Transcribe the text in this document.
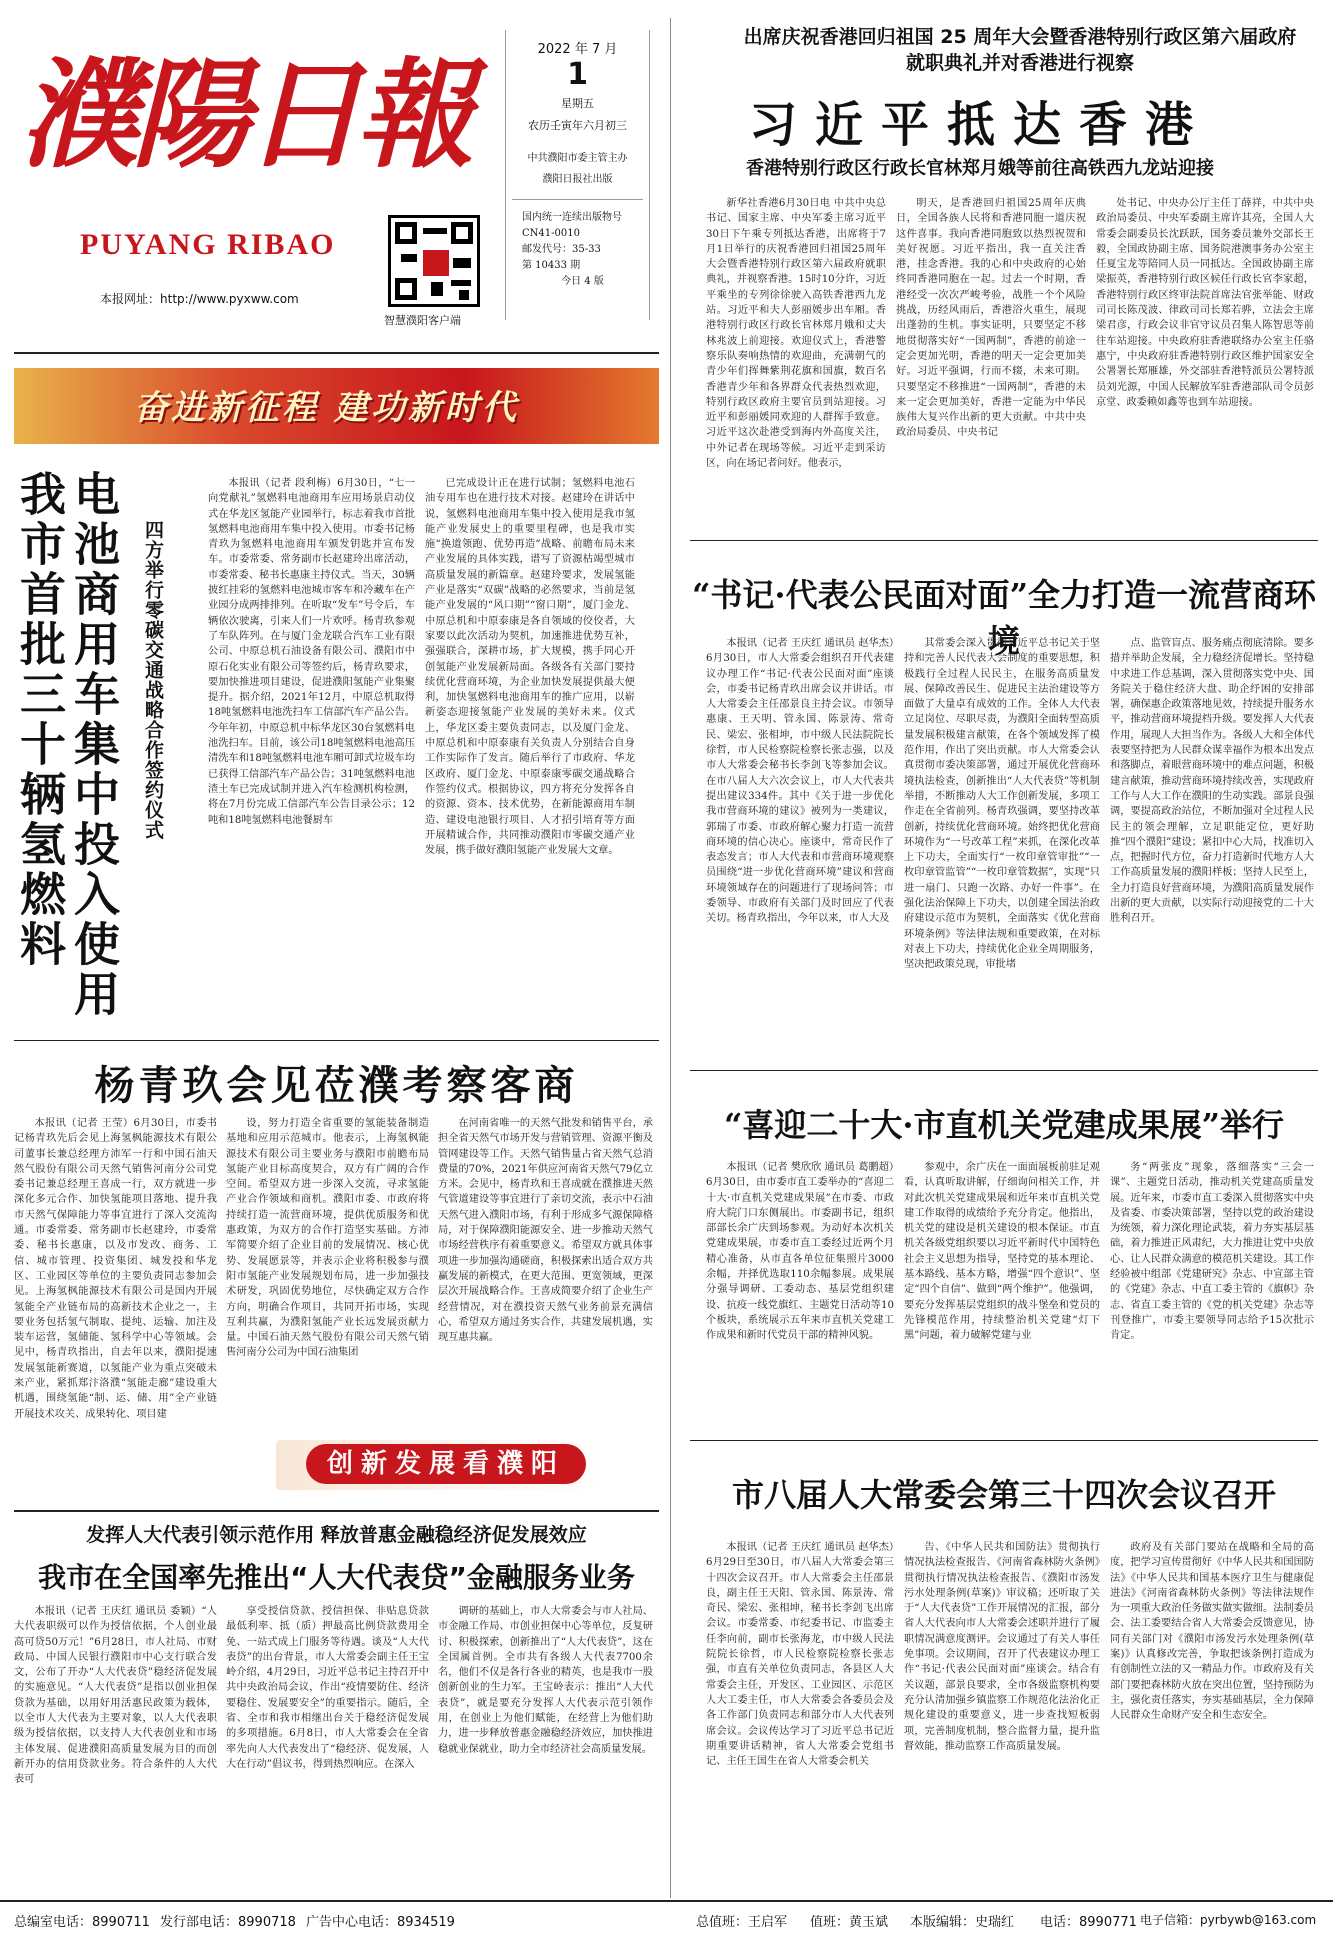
濮陽日報
PUYANG RIBAO
本报网址：http://www.pyxww.com
智慧濮阳客户端
2022 年 7 月
1
星期五
农历壬寅年六月初三
中共濮阳市委主管主办
濮阳日报社出版
国内统一连续出版物号
CN41-0010
邮发代号：35-33
第 10433 期
今日 4 版
出席庆祝香港回归祖国 25 周年大会暨香港特别行政区第六届政府就职典礼并对香港进行视察
习近平抵达香港
香港特别行政区行政长官林郑月娥等前往高铁西九龙站迎接
新华社香港6月30日电 中共中央总书记、国家主席、中央军委主席习近平30日下午乘专列抵达香港，出席将于7月1日举行的庆祝香港回归祖国25周年大会暨香港特别行政区第六届政府就职典礼，并视察香港。15时10分许，习近平乘坐的专列徐徐驶入高铁香港西九龙站。习近平和夫人彭丽媛步出车厢。香港特别行政区行政长官林郑月娥和丈夫林兆波上前迎接。欢迎仪式上，香港警察乐队奏响热情的欢迎曲，充满朝气的青少年们挥舞紫荆花旗和国旗，数百名香港青少年和各界群众代表热烈欢迎，特别行政区政府主要官员到站迎接。习近平和彭丽媛同欢迎的人群挥手致意。习近平这次赴港受到海内外高度关注，中外记者在现场等候。习近平走到采访区，向在场记者问好。他表示，
明天，是香港回归祖国25周年庆典日，全国各族人民将和香港同胞一道庆祝这件喜事。我向香港同胞致以热烈祝贺和美好祝愿。习近平指出，我一直关注香港，挂念香港。我的心和中央政府的心始终同香港同胞在一起。过去一个时期，香港经受一次次严峻考验，战胜一个个风险挑战，历经风雨后，香港浴火重生，展现出蓬勃的生机。事实证明，只要坚定不移地贯彻落实好“一国两制”，香港的前途一定会更加光明，香港的明天一定会更加美好。习近平强调，行而不辍，未来可期。只要坚定不移推进“一国两制”，香港的未来一定会更加美好，香港一定能为中华民族伟大复兴作出新的更大贡献。中共中央政治局委员、中央书记
处书记、中央办公厅主任丁薛祥，中共中央政治局委员、中央军委副主席许其亮，全国人大常委会副委员长沈跃跃，国务委员兼外交部长王毅，全国政协副主席、国务院港澳事务办公室主任夏宝龙等陪同人员一同抵达。全国政协副主席梁振英，香港特别行政区候任行政长官李家超，香港特别行政区终审法院首席法官张举能、财政司司长陈茂波、律政司司长郑若骅，立法会主席梁君彦，行政会议非官守议员召集人陈智思等前往车站迎接。中央政府驻香港联络办公室主任骆惠宁，中央政府驻香港特别行政区维护国家安全公署署长郑雁雄，外交部驻香港特派员公署特派员刘光源，中国人民解放军驻香港部队司令员彭京堂、政委赖如鑫等也到车站迎接。
奋进新征程 建功新时代
电池商用车集中投入使用
我市首批三十辆氢燃料	四方举行零碳交通战略合作签约仪式
本报讯（记者 段利梅）6月30日，“七一向党献礼”氢燃料电池商用车应用场景启动仪式在华龙区氢能产业园举行，标志着我市首批氢燃料电池商用车集中投入使用。市委书记杨青玖为氢燃料电池商用车颁发钥匙并宣布发车。市委常委、常务副市长赵建玲出席活动，市委常委、秘书长惠康主持仪式。当天，30辆披红挂彩的氢燃料电池城市客车和冷藏车在产业园分成两排排列。在听取“发车”号令后，车辆依次驶离，引来人们一片欢呼。杨青玖参观了车队阵列。在与厦门金龙联合汽车工业有限公司、中原总机石油设备有限公司、濮阳市中原石化实业有限公司等签约后，杨青玖要求，要加快推进项目建设，促进濮阳氢能产业集聚提升。据介绍，2021年12月，中原总机取得18吨氢燃料电池洗扫车工信部汽车产品公告。今年年初，中原总机中标华龙区30台氢燃料电池洗扫车。目前，该公司18吨氢燃料电池高压清洗车和18吨氢燃料电池车厢可卸式垃圾车均已获得工信部汽车产品公告；31吨氢燃料电池渣土车已完成试制并进入汽车检测机构检测，将在7月份完成工信部汽车公告目录公示；12吨和18吨氢燃料电池餐厨车
已完成设计正在进行试制；氢燃料电池石油专用车也在进行技术对接。赵建玲在讲话中说，氢燃料电池商用车集中投入使用是我市氢能产业发展史上的重要里程碑，也是我市实施“换道领跑、优势再造”战略、前瞻布局未来产业发展的具体实践，谱写了资源枯竭型城市高质量发展的新篇章。赵建玲要求，发展氢能产业是落实“双碳”战略的必然要求，当前是氢能产业发展的“风口期”“窗口期”，厦门金龙、中原总机和中原泰康是各自领域的佼佼者，大家要以此次活动为契机，加速推进优势互补，强强联合，深耕市场，扩大规模，携手同心开创氢能产业发展新局面。各级各有关部门要持续优化营商环境，为企业加快发展提供最大便利，加快氢燃料电池商用车的推广应用，以崭新姿态迎接氢能产业发展的美好未来。仪式上，华龙区委主要负责同志，以及厦门金龙、中原总机和中原泰康有关负责人分别结合自身工作实际作了发言。随后举行了市政府、华龙区政府、厦门金龙、中原泰康零碳交通战略合作签约仪式。根据协议，四方将充分发挥各自的资源、资本、技术优势，在新能源商用车制造、建设电池银行项目、人才招引培育等方面开展精诚合作，共同推动濮阳市零碳交通产业发展，携手做好濮阳氢能产业发展大文章。
杨青玖会见莅濮考察客商
本报讯（记者 王莹）6月30日，市委书记杨青玖先后会见上海氢枫能源技术有限公司董事长兼总经理方沛军一行和中国石油天然气股份有限公司天然气销售河南分公司党委书记兼总经理王喜成一行，双方就进一步深化多元合作、加快氢能项目落地、提升我市天然气保障能力等事宜进行了深入交流沟通。市委常委、常务副市长赵建玲，市委常委、秘书长惠康，以及市发改、商务、工信、城市管理、投资集团、城发投和华龙区、工业园区等单位的主要负责同志参加会见。上海氢枫能源技术有限公司是国内开展氢能全产业链布局的高新技术企业之一，主要业务包括氢气制取、提纯、运输、加注及装车运营，氢储能、氢科学中心等领域。会见中，杨青玖指出，自去年以来，濮阳提速发展氢能新赛道，以氢能产业为重点突破未来产业，紧抓郑汴洛濮“氢能走廊”建设重大机遇，围绕氢能“制、运、储、用”全产业链开展技术攻关、成果转化、项目建
设，努力打造全省重要的氢能装备制造基地和应用示范城市。他表示，上海氢枫能源技术有限公司主要业务与濮阳市前瞻布局氢能产业目标高度契合，双方有广阔的合作空间。希望双方进一步深入交流，寻求氢能产业合作领域和商机。濮阳市委、市政府将持续打造一流营商环境，提供优质服务和优惠政策，为双方的合作打造坚实基础。方沛军简要介绍了企业目前的发展情况、核心优势、发展愿景等，并表示企业将积极参与濮阳市氢能产业发展规划布局，进一步加强技术研发，巩固优势地位，尽快确定双方合作方向，明确合作项目，共同开拓市场，实现互利共赢，为濮阳氢能产业长远发展贡献力量。中国石油天然气股份有限公司天然气销售河南分公司为中国石油集团
在河南省唯一的天然气批发和销售平台，承担全省天然气市场开发与营销管理、资源平衡及管网建设等工作。天然气销售量占省天然气总消费量的70%，2021年供应河南省天然气79亿立方米。会见中，杨青玖和王喜成就在濮推进天然气管道建设等事宜进行了亲切交流，表示中石油天然气进入濮阳市场，有利于形成多气源保障格局，对于保障濮阳能源安全、进一步推动天然气市场经营秩序有着重要意义。希望双方就具体事项进一步加强沟通磋商，积极探索出适合双方共赢发展的新模式，在更大范围、更宽领域，更深层次开展战略合作。王喜成简要介绍了企业生产经营情况，对在濮投资天然气业务前景充满信心，希望双方通过务实合作，共建发展机遇，实现互惠共赢。
创新发展看濮阳
发挥人大代表引领示范作用 释放普惠金融稳经济促发展效应
我市在全国率先推出“人大代表贷”金融服务业务
本报讯（记者 王庆红 通讯员 委颖）“人大代表职级可以作为授信依据，个人创业最高可贷50万元！”6月28日，市人社局、市财政局、中国人民银行濮阳市中心支行联合发文，公布了开办“人大代表贷”稳经济促发展的实施意见。“人大代表贷”是指以创业担保贷款为基础，以用好用活惠民政策为载体，以全市人大代表为主要对象，以人大代表职级为授信依据，以支持人大代表创业和市场主体发展、促进濮阳高质量发展为目的而创新开办的信用贷款业务。符合条件的人大代表可
享受授信贷款、授信担保、非贴息贷款最低利率、抵（质）押最高比例贷款费用全免、一站式成上门服务等待遇。谈及“人大代表贷”的出台背景，市人大常委会副主任王宝岭介绍，4月29日，习近平总书记主持召开中共中央政治局会议，作出“疫情要防住、经济要稳住、发展要安全”的重要指示。随后，全省、全市和我市相继出台关于稳经济促发展的多项措施。6月8日，市人大常委会在全省率先向人大代表发出了“稳经济、促发展，人大在行动”倡议书，得到热烈响应。在深入
调研的基础上，市人大常委会与市人社局、市金融工作局、市创业担保中心等单位，反复研讨、积极探索，创新推出了“人大代表贷”，这在全国属首例。全市共有各级人大代表7700余名，他们不仅是各行各业的精英，也是我市一股创新创业的生力军。王宝岭表示：推出“人大代表贷”，就是要充分发挥人大代表示范引领作用，在创业上为他们赋能，在经营上为他们助力，进一步释放普惠金融稳经济效应，加快推进稳就业保就业，助力全市经济社会高质量发展。
“书记·代表公民面对面”全力打造一流营商环境
本报讯（记者 王庆红 通讯员 赵华杰）6月30日，市人大常委会组织召开代表建议办理工作“书记·代表公民面对面”座谈会，市委书记杨青玖出席会议并讲话。市人大常委会主任邵景良主持会议。市领导惠康、王天明、管永国、陈景涛、常奇民、梁宏、张相坤，市中级人民法院院长徐哲，市人民检察院检察长张志强，以及市人大常委会秘书长李剑飞等参加会议。在市八届人大六次会议上，市人大代表共提出建议334件。其中《关于进一步优化我市营商环境的建议》被列为一类建议，郭瑞了市委、市政府解心聚力打造一流营商环境的信心决心。座谈中，常奇民作了表态发言；市人大代表和市营商环境观察员围绕“进一步优化营商环境”建议和营商环境领域存在的问题进行了现场问答；市委领导、市政府有关部门及时回应了代表关切。杨青玖指出，今年以来，市人大及
其常委会深入贯彻习近平总书记关于坚持和完善人民代表大会制度的重要思想，积极践行全过程人民民主，在服务高质量发展、保障改善民生、促进民主法治建设等方面做了大量卓有成效的工作。全体人大代表立足岗位、尽职尽责，为濮阳全面转型高质量发展积极建言献策，在各个领域发挥了模范作用，作出了突出贡献。市人大常委会认真贯彻市委决策部署，通过开展优化营商环境执法检查，创新推出“人大代表贷”等机制举措，不断推动人大工作创新发展，多项工作走在全省前列。杨青玖强调，要坚持改革创新，持续优化营商环境。始终把优化营商环境作为“一号改革工程”来抓，在深化改革上下功夫，全面实行“一枚印章管审批”“一枚印章管监管”“一枚印章管数据”，实现“只进一扇门、只跑一次路、办好一件事”。在强化法治保障上下功夫，以创建全国法治政府建设示范市为契机，全面落实《优化营商环境条例》等法律法规和重要政策，在对标对表上下功夫，持续优化企业全周期服务，坚决把政策兑现，审批堵
点、监管盲点、服务痛点彻底清除。要多措并举助企发展，全力稳经济促增长。坚持稳中求进工作总基调，深入贯彻落实党中央、国务院关于稳住经济大盘、助企纾困的安排部署，确保惠企政策落地见效，持续提升服务水平，推动营商环境提档升级。要发挥人大代表作用，展现人大担当作为。各级人大和全体代表要坚持把为人民群众谋幸福作为根本出发点和落脚点，着眼营商环境中的难点问题，积极建言献策，推动营商环境持续改善，实现政府工作与人大工作在濮阳的生动实践。部景良强调，要提高政治站位，不断加强对全过程人民民主的领会理解，立足职能定位，更好助推“四个濮阳”建设；紧扣中心大局，找准切入点，把握时代方位，奋力打造新时代地方人大工作高质量发展的濮阳样板；坚持人民至上，全力打造良好营商环境，为濮阳高质量发展作出新的更大贡献，以实际行动迎接党的二十大胜利召开。
“喜迎二十大·市直机关党建成果展”举行
本报讯（记者 樊欣欣 通讯员 葛鹏超）6月30日，由市委市直工委举办的“喜迎二十大·市直机关党建成果展”在市委、市政府大院门口东侧展出。市委副书记，组织部部长余广庆到场参观。为动好本次机关党建成果展，市委市直工委经过近两个月精心准备，从市直各单位征集照片3000余幅，并择优选取110余幅参展。成果展分强导调研、工委动态、基层党组织建设、抗疫一线党旗红、主题党日活动等10个板块，系统展示五年来市直机关党建工作成果和新时代党员干部的精神风貌。
参观中，余广庆在一面面展板前驻足观看，认真听取讲解，仔细询问相关工作，并对此次机关党建成果展和近年来市直机关党建工作取得的成绩给予充分肯定。他指出，机关党的建设是机关建设的根本保证。市直机关各级党组织要以习近平新时代中国特色社会主义思想为指导，坚持党的基本理论、基本路线、基本方略，增强“四个意识”、坚定“四个自信”、做到“两个维护”。他强调，要充分发挥基层党组织的战斗堡垒和党员的先锋模范作用，持续整治机关党建“灯下黑”问题，着力破解党建与业
务“两张皮”现象，落细落实“三会一课”、主题党日活动，推动机关党建高质量发展。近年来，市委市直工委深入贯彻落实中央及省委、市委决策部署，坚持以党的政治建设为统领，着力深化理论武装，着力夯实基层基础，着力推进正风肃纪，大力推进让党中央放心、让人民群众满意的模范机关建设。其工作经验被中组部《党建研究》杂志、中宣部主管的《党建》杂志、中直工委主管的《旗帜》杂志、省直工委主管的《党的机关党建》杂志等刊登推广，市委主要领导同志给予15次批示肯定。
市八届人大常委会第三十四次会议召开
本报讯（记者 王庆红 通讯员 赵华杰）6月29日至30日，市八届人大常委会第三十四次会议召开。市人大常委会主任邵景良，副主任王天阳、管永国、陈景涛、常奇民、梁宏、张相坤，秘书长李剑飞出席会议。市委常委、市纪委书记、市监委主任李向前，副市长张海龙，市中级人民法院院长徐哲，市人民检察院检察长张志强，市直有关单位负责同志，各县区人大常委会主任，开发区、工业园区、示范区人大工委主任，市人大常委会各委员会及各工作部门负责同志和部分市人大代表列席会议。会议传达学习了习近平总书记近期重要讲话精神，省人大常委会党组书记、主任王国生在省人大常委会机关
告、《中华人民共和国防法》贯彻执行情况执法检查报告、《河南省森林防火条例》贯彻执行情况执法检查报告、《濮阳市汤发污水处理条例(草案)》审议稿；还听取了关于“人大代表贷”工作开展情况的汇报，部分省人大代表向市人大常委会述职并进行了履职情况满意度测评。会议通过了有关人事任免事项。会议期间，召开了代表建议办理工作“书记·代表公民面对面”座谈会。结合有关议题，部景良要求，全市各级监察机构要充分认清加强乡镇监察工作规范化法治化正规化建设的重要意义，进一步查找短板弱项，完善制度机制，整合监督力量，提升监督效能，推动监察工作高质量发展。
政府及有关部门要站在战略和全局的高度，把学习宣传贯彻好《中华人民共和国国防法》《中华人民共和国基本医疗卫生与健康促进法》《河南省森林防火条例》等法律法规作为一项重大政治任务做实做实做细。法制委员会、法工委要结合省人大常委会反馈意见，协同有关部门对《濮阳市汤发污水处理条例(草案)》认真修改完善，争取把该条例打造成为有创制性立法的又一精品力作。市政府及有关部门要把森林防火放在突出位置，坚持预防为主，强化责任落实，夯实基础基层，全力保障人民群众生命财产安全和生态安全。
总编室电话：8990711 发行部电话：8990718 广告中心电话：8934519	总值班：王启军 值班：黄玉斌 本版编辑：史瑞红 电话：8990771 电子信箱：pyrbywb@163.com
